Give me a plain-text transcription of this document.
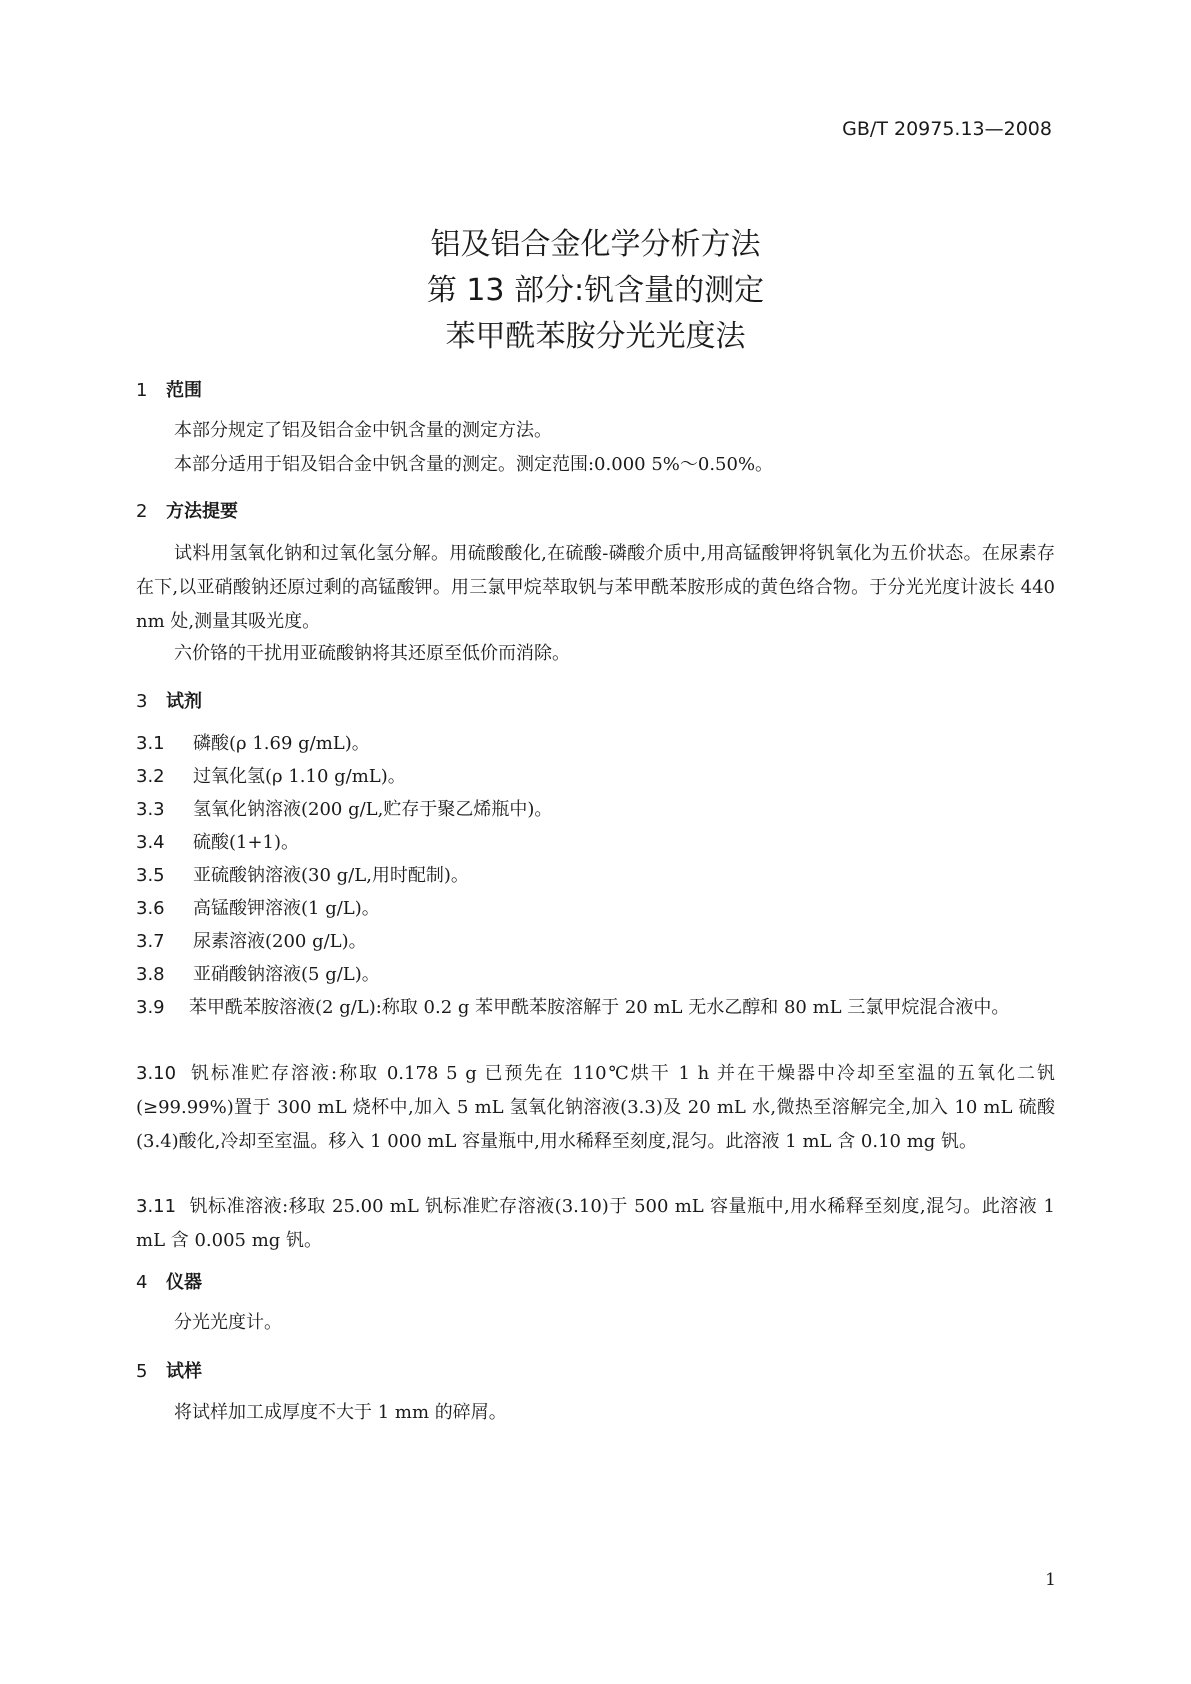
GB/T 20975.13—2008
铝及铝合金化学分析方法
第 13 部分:钒含量的测定
苯甲酰苯胺分光光度法
1 范围
本部分规定了铝及铝合金中钒含量的测定方法。
本部分适用于铝及铝合金中钒含量的测定。测定范围:0.000 5%～0.50%。
2 方法提要
试料用氢氧化钠和过氧化氢分解。用硫酸酸化,在硫酸-磷酸介质中,用高锰酸钾将钒氧化为五价状态。在尿素存在下,以亚硝酸钠还原过剩的高锰酸钾。用三氯甲烷萃取钒与苯甲酰苯胺形成的黄色络合物。于分光光度计波长 440 nm 处,测量其吸光度。
六价铬的干扰用亚硫酸钠将其还原至低价而消除。
3 试剂
3.1 磷酸(ρ 1.69 g/mL)。
3.2 过氧化氢(ρ 1.10 g/mL)。
3.3 氢氧化钠溶液(200 g/L,贮存于聚乙烯瓶中)。
3.4 硫酸(1+1)。
3.5 亚硫酸钠溶液(30 g/L,用时配制)。
3.6 高锰酸钾溶液(1 g/L)。
3.7 尿素溶液(200 g/L)。
3.8 亚硝酸钠溶液(5 g/L)。
3.9 苯甲酰苯胺溶液(2 g/L):称取 0.2 g 苯甲酰苯胺溶解于 20 mL 无水乙醇和 80 mL 三氯甲烷混合液中。
3.10 钒标准贮存溶液:称取 0.178 5 g 已预先在 110℃烘干 1 h 并在干燥器中冷却至室温的五氧化二钒(≥99.99%)置于 300 mL 烧杯中,加入 5 mL 氢氧化钠溶液(3.3)及 20 mL 水,微热至溶解完全,加入 10 mL 硫酸(3.4)酸化,冷却至室温。移入 1 000 mL 容量瓶中,用水稀释至刻度,混匀。此溶液 1 mL 含 0.10 mg 钒。
3.11 钒标准溶液:移取 25.00 mL 钒标准贮存溶液(3.10)于 500 mL 容量瓶中,用水稀释至刻度,混匀。此溶液 1 mL 含 0.005 mg 钒。
4 仪器
分光光度计。
5 试样
将试样加工成厚度不大于 1 mm 的碎屑。
1
